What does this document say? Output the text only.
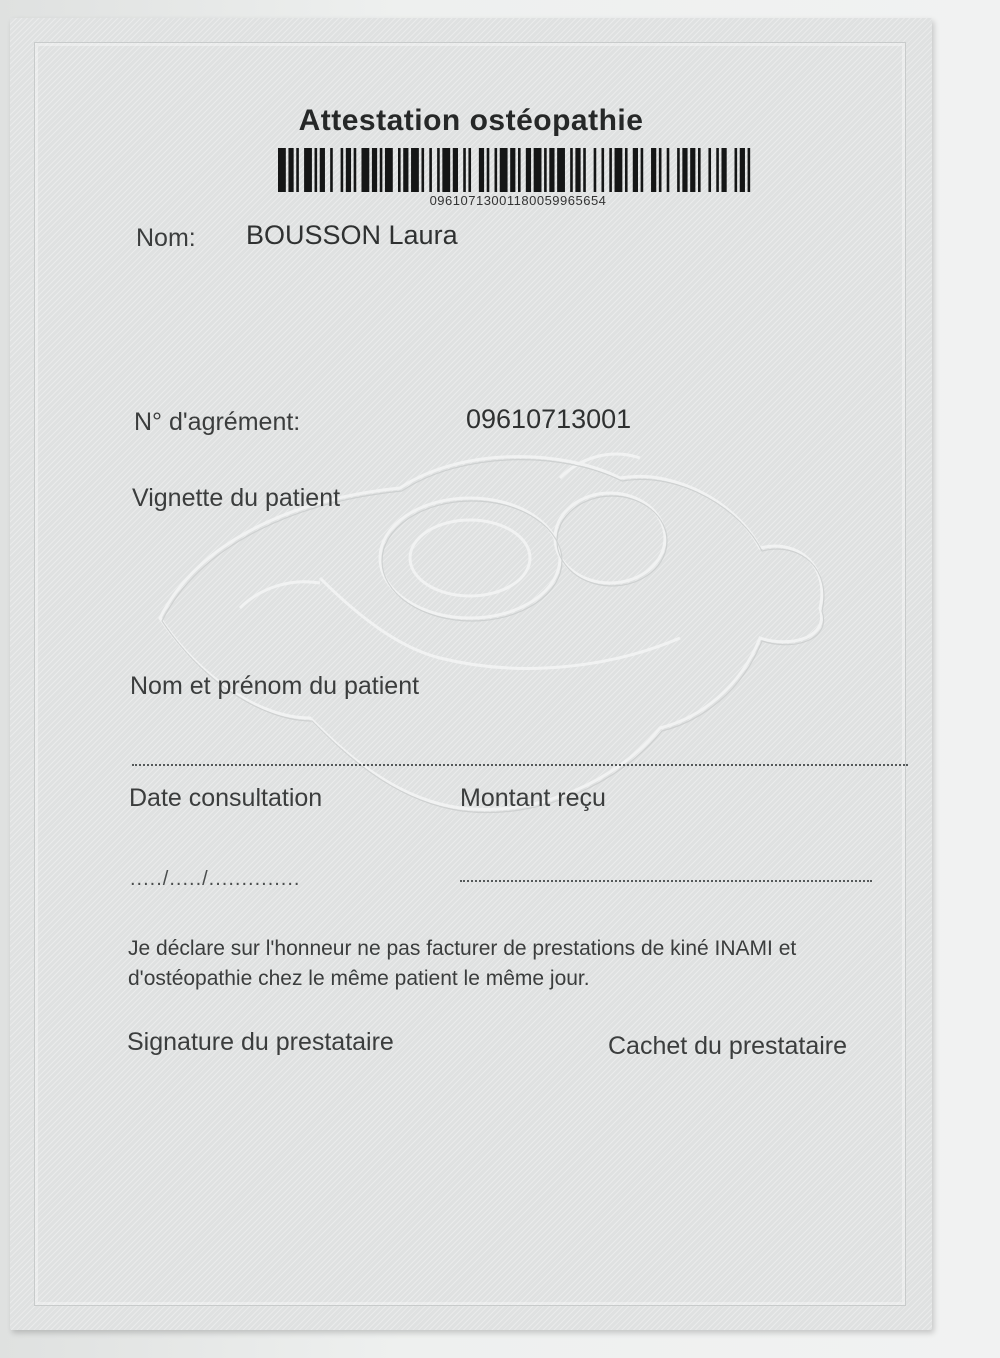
Attestation ostéopathie
09610713001180059965654
Nom: BOUSSON Laura
N° d'agrément:	09610713001
Vignette du patient
Nom et prénom du patient
Date consultation	Montant reçu
...../...../..............
Je déclare sur l'honneur ne pas facturer de prestations de kiné INAMI et d'ostéopathie chez le même patient le même jour.
Signature du prestataire	Cachet du prestataire
